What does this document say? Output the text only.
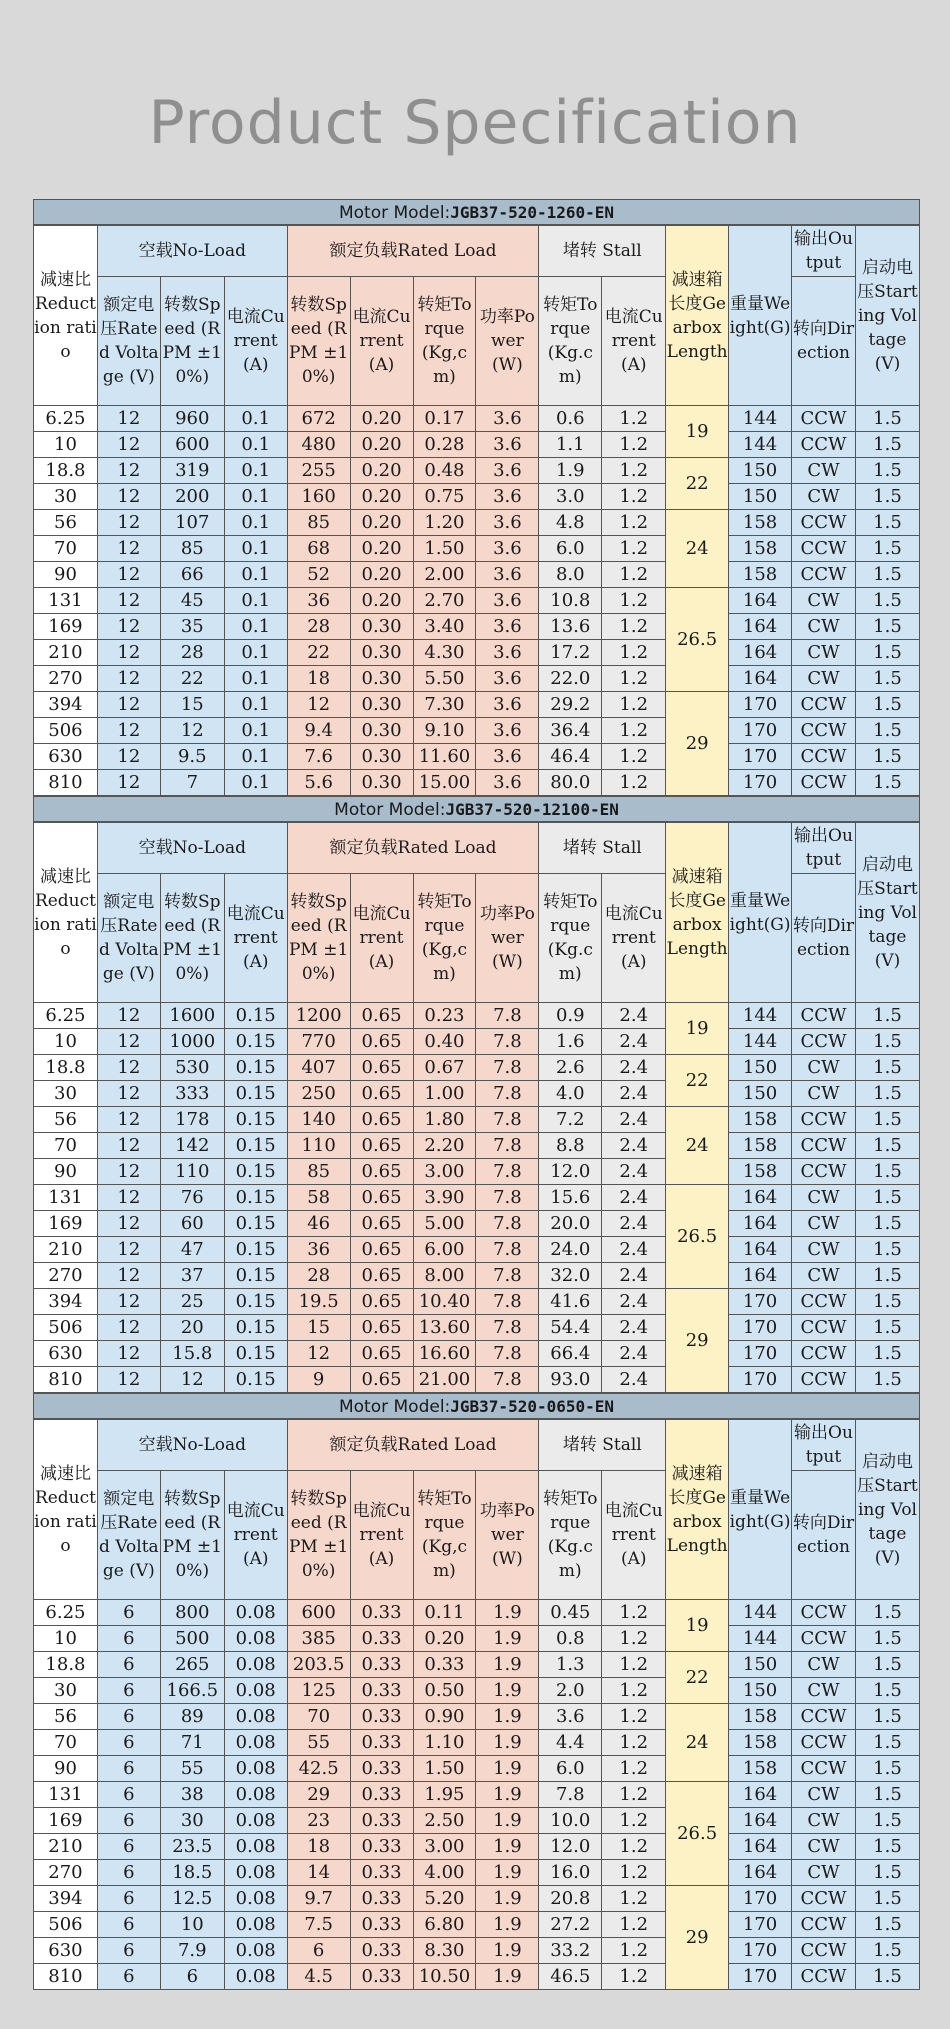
Product Specification
Motor Model:JGB37-520-1260-EN
减速比Reduction ratio	空载No-Load			额定负载Rated Load				堵转 Stall		减速箱长度Gearbox Length	重量Weight(G)	输出Output	启动电压Starting Voltage(V)
	额定电压Rated Voltage (V)	转数Speed (RPM ±10%)	电流Current (A)	转数Speed (RPM ±10%)	电流Current (A)	转矩Torque (Kg,cm)	功率Power (W)	转矩Torque (Kg.cm)	电流Current (A)			转向Direction	
6.25	12	960	0.1	672	0.20	0.17	3.6	0.6	1.2	19	144	CCW	1.5
10	12	600	0.1	480	0.20	0.28	3.6	1.1	1.2		144	CCW	1.5
18.8	12	319	0.1	255	0.20	0.48	3.6	1.9	1.2	22	150	CW	1.5
30	12	200	0.1	160	0.20	0.75	3.6	3.0	1.2		150	CW	1.5
56	12	107	0.1	85	0.20	1.20	3.6	4.8	1.2	24	158	CCW	1.5
70	12	85	0.1	68	0.20	1.50	3.6	6.0	1.2		158	CCW	1.5
90	12	66	0.1	52	0.20	2.00	3.6	8.0	1.2		158	CCW	1.5
131	12	45	0.1	36	0.20	2.70	3.6	10.8	1.2	26.5	164	CW	1.5
169	12	35	0.1	28	0.30	3.40	3.6	13.6	1.2		164	CW	1.5
210	12	28	0.1	22	0.30	4.30	3.6	17.2	1.2		164	CW	1.5
270	12	22	0.1	18	0.30	5.50	3.6	22.0	1.2		164	CW	1.5
394	12	15	0.1	12	0.30	7.30	3.6	29.2	1.2	29	170	CCW	1.5
506	12	12	0.1	9.4	0.30	9.10	3.6	36.4	1.2		170	CCW	1.5
630	12	9.5	0.1	7.6	0.30	11.60	3.6	46.4	1.2		170	CCW	1.5
810	12	7	0.1	5.6	0.30	15.00	3.6	80.0	1.2		170	CCW	1.5
Motor Model:JGB37-520-12100-EN
减速比Reduction ratio	空载No-Load			额定负载Rated Load				堵转 Stall		减速箱长度Gearbox Length	重量Weight(G)	输出Output	启动电压Starting Voltage(V)
	额定电压Rated Voltage (V)	转数Speed (RPM ±10%)	电流Current (A)	转数Speed (RPM ±10%)	电流Current (A)	转矩Torque (Kg,cm)	功率Power (W)	转矩Torque (Kg.cm)	电流Current (A)			转向Direction	
6.25	12	1600	0.15	1200	0.65	0.23	7.8	0.9	2.4	19	144	CCW	1.5
10	12	1000	0.15	770	0.65	0.40	7.8	1.6	2.4		144	CCW	1.5
18.8	12	530	0.15	407	0.65	0.67	7.8	2.6	2.4	22	150	CW	1.5
30	12	333	0.15	250	0.65	1.00	7.8	4.0	2.4		150	CW	1.5
56	12	178	0.15	140	0.65	1.80	7.8	7.2	2.4	24	158	CCW	1.5
70	12	142	0.15	110	0.65	2.20	7.8	8.8	2.4		158	CCW	1.5
90	12	110	0.15	85	0.65	3.00	7.8	12.0	2.4		158	CCW	1.5
131	12	76	0.15	58	0.65	3.90	7.8	15.6	2.4	26.5	164	CW	1.5
169	12	60	0.15	46	0.65	5.00	7.8	20.0	2.4		164	CW	1.5
210	12	47	0.15	36	0.65	6.00	7.8	24.0	2.4		164	CW	1.5
270	12	37	0.15	28	0.65	8.00	7.8	32.0	2.4		164	CW	1.5
394	12	25	0.15	19.5	0.65	10.40	7.8	41.6	2.4	29	170	CCW	1.5
506	12	20	0.15	15	0.65	13.60	7.8	54.4	2.4		170	CCW	1.5
630	12	15.8	0.15	12	0.65	16.60	7.8	66.4	2.4		170	CCW	1.5
810	12	12	0.15	9	0.65	21.00	7.8	93.0	2.4		170	CCW	1.5
Motor Model:JGB37-520-0650-EN
减速比Reduction ratio	空载No-Load			额定负载Rated Load				堵转 Stall		减速箱长度Gearbox Length	重量Weight(G)	输出Output	启动电压Starting Voltage(V)
	额定电压Rated Voltage (V)	转数Speed (RPM ±10%)	电流Current (A)	转数Speed (RPM ±10%)	电流Current (A)	转矩Torque (Kg,cm)	功率Power (W)	转矩Torque (Kg.cm)	电流Current (A)			转向Direction	
6.25	6	800	0.08	600	0.33	0.11	1.9	0.45	1.2	19	144	CCW	1.5
10	6	500	0.08	385	0.33	0.20	1.9	0.8	1.2		144	CCW	1.5
18.8	6	265	0.08	203.5	0.33	0.33	1.9	1.3	1.2	22	150	CW	1.5
30	6	166.5	0.08	125	0.33	0.50	1.9	2.0	1.2		150	CW	1.5
56	6	89	0.08	70	0.33	0.90	1.9	3.6	1.2	24	158	CCW	1.5
70	6	71	0.08	55	0.33	1.10	1.9	4.4	1.2		158	CCW	1.5
90	6	55	0.08	42.5	0.33	1.50	1.9	6.0	1.2		158	CCW	1.5
131	6	38	0.08	29	0.33	1.95	1.9	7.8	1.2	26.5	164	CW	1.5
169	6	30	0.08	23	0.33	2.50	1.9	10.0	1.2		164	CW	1.5
210	6	23.5	0.08	18	0.33	3.00	1.9	12.0	1.2		164	CW	1.5
270	6	18.5	0.08	14	0.33	4.00	1.9	16.0	1.2		164	CW	1.5
394	6	12.5	0.08	9.7	0.33	5.20	1.9	20.8	1.2	29	170	CCW	1.5
506	6	10	0.08	7.5	0.33	6.80	1.9	27.2	1.2		170	CCW	1.5
630	6	7.9	0.08	6	0.33	8.30	1.9	33.2	1.2		170	CCW	1.5
810	6	6	0.08	4.5	0.33	10.50	1.9	46.5	1.2		170	CCW	1.5
